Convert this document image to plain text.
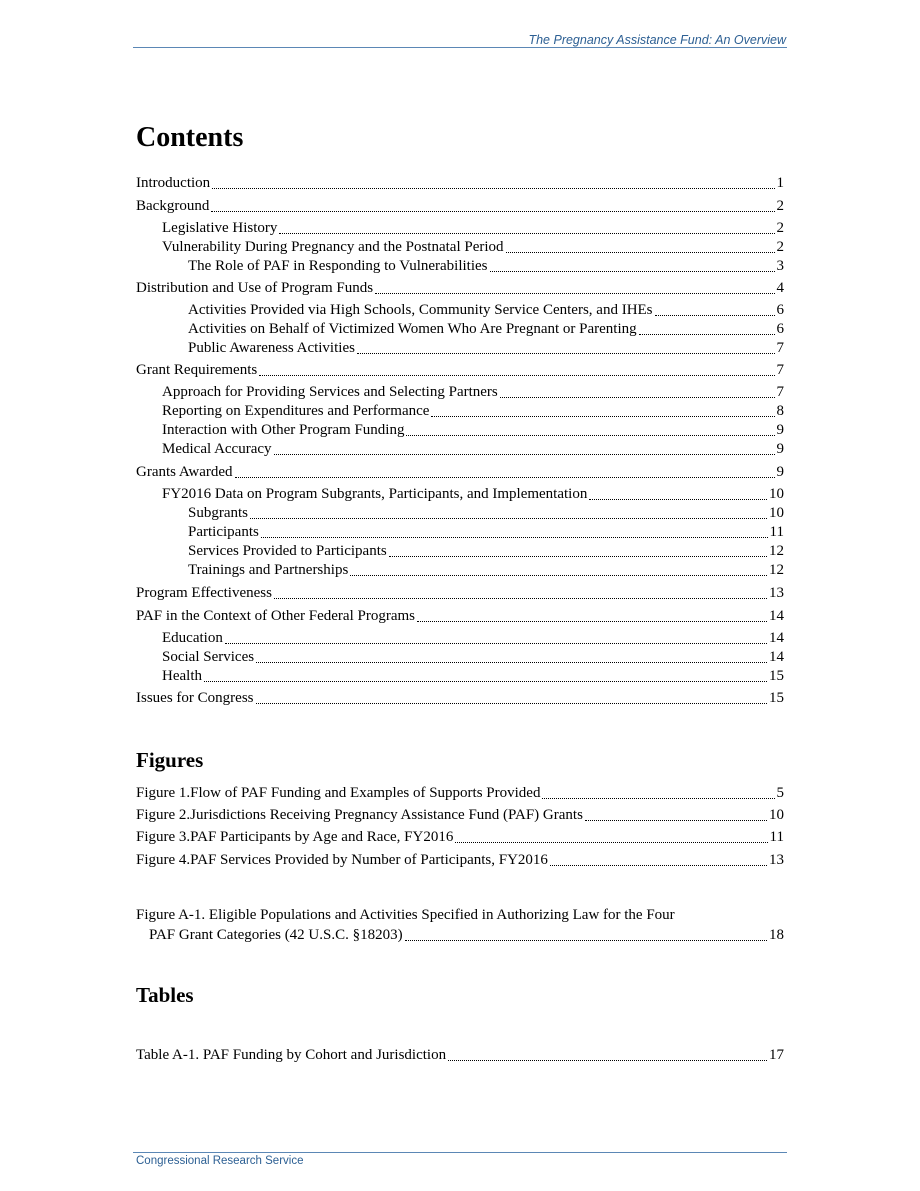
The Pregnancy Assistance Fund: An Overview
Contents
Introduction	1
Background	2
Legislative History	2
Vulnerability During Pregnancy and the Postnatal Period	2
The Role of PAF in Responding to Vulnerabilities	3
Distribution and Use of Program Funds	4
Activities Provided via High Schools, Community Service Centers, and IHEs	6
Activities on Behalf of Victimized Women Who Are Pregnant or Parenting	6
Public Awareness Activities	7
Grant Requirements	7
Approach for Providing Services and Selecting Partners	7
Reporting on Expenditures and Performance	8
Interaction with Other Program Funding	9
Medical Accuracy	9
Grants Awarded	9
FY2016 Data on Program Subgrants, Participants, and Implementation	10
Subgrants	10
Participants	11
Services Provided to Participants	12
Trainings and Partnerships	12
Program Effectiveness	13
PAF in the Context of Other Federal Programs	14
Education	14
Social Services	14
Health	15
Issues for Congress	15
Figures
Figure 1.Flow of PAF Funding and Examples of Supports Provided	5
Figure 2.Jurisdictions Receiving Pregnancy Assistance Fund (PAF) Grants	10
Figure 3.PAF Participants by Age and Race, FY2016	11
Figure 4.PAF Services Provided by Number of Participants, FY2016	13
Figure A-1. Eligible Populations and Activities Specified in Authorizing Law for the Four
PAF Grant Categories (42 U.S.C. §18203)	18
Tables
Table A-1. PAF Funding by Cohort and Jurisdiction	17
Congressional Research Service
